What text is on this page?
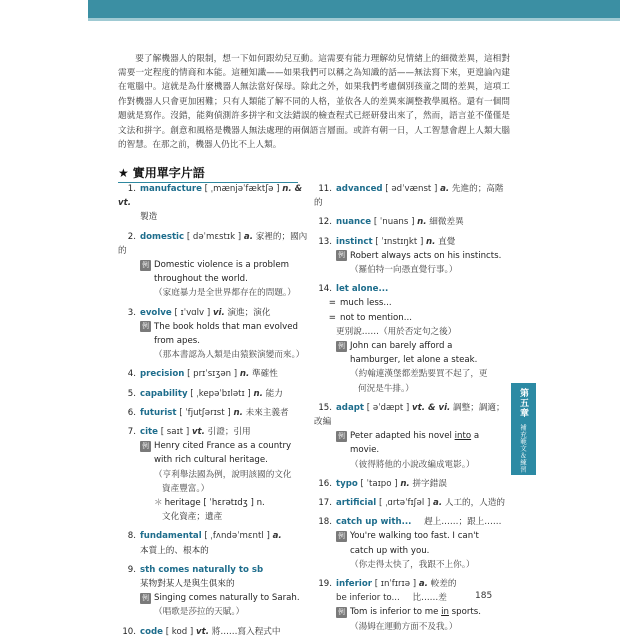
要了解機器人的限制，想一下如何跟幼兒互動。這需要有能力理解幼兒情緒上的細微差異，這相對需要一定程度的情商和本能。這種知識——如果我們可以稱之為知識的話——無法寫下來，更遑論內建在電腦中。這就是為什麼機器人無法當好保母。除此之外，如果我們考慮個別孩童之間的差異，這項工作對機器人只會更加困難；只有人類能了解不同的人格，並依各人的差異來調整教學風格。還有一個問題就是寫作。沒錯，能夠偵測許多拼字和文法錯誤的檢查程式已經研發出來了，然而，語言並不僅僅是文法和拼字。創意和風格是機器人無法處理的兩個語言層面。或許有朝一日，人工智慧會趕上人類大腦的智慧。在那之前，機器人仍比不上人類。

★ 實用單字片語
1. manufacture [ ˌmænjəˈfæktʃə ] n. & vt.
製造
2. domestic [ dəˈmɛstɪk ] a. 家裡的；國內的
例 Domestic violence is a problem
throughout the world.
（家庭暴力是全世界都存在的問題。）
3. evolve [ ɪˈvɑlv ] vi. 演進；演化
例 The book holds that man evolved
from apes.
（那本書認為人類是由猿猴演變而來。）
4. precision [ prɪˈsɪʒən ] n. 準確性
5. capability [ ˌkepəˈbɪlətɪ ] n. 能力
6. futurist [ ˈfjutʃərɪst ] n. 未來主義者
7. cite [ saɪt ] vt. 引證；引用
例 Henry cited France as a country
with rich cultural heritage.
（亨利舉法國為例，說明該國的文化
資產豐富。）
＊ heritage [ ˈhɛrətɪdʒ ] n.
文化資產；遺產
8. fundamental [ ˌfʌndəˈmɛntl ] a.
本質上的、根本的
9. sth comes naturally to sb
某物對某人是與生俱來的
例 Singing comes naturally to Sarah.
（唱歌是莎拉的天賦。）
10. code [ kod ] vt. 將……寫入程式中
11. advanced [ ədˈvænst ] a. 先進的；高階的
12. nuance [ ˈnuans ] n. 細微差異
13. instinct [ ˈɪnstɪŋkt ] n. 直覺
例 Robert always acts on his instincts.
（羅伯特一向憑直覺行事。）
14. let alone...
= much less...
= not to mention...
更別說……（用於否定句之後）
例 John can barely afford a
hamburger, let alone a steak.
（約翰連漢堡都差點要買不起了，更
何況是牛排。）
15. adapt [ əˈdæpt ] vt. & vi. 調整；調適；改編
例 Peter adapted his novel into a
movie.
（彼得將他的小說改編成電影。）
16. typo [ ˈtaɪpo ] n. 拼字錯誤
17. artificial [ ˌɑrtəˈfɪʃəl ] a. 人工的，人造的
18. catch up with... 趕上……；跟上……
例 You're walking too fast. I can't
catch up with you.
（你走得太快了，我跟不上你。）
19. inferior [ ɪnˈfɪrɪə ] a. 較差的
be inferior to... 比……差
例 Tom is inferior to me in sports.
（湯姆在運動方面不及我。）
第五章
補充範文＆練習
185
